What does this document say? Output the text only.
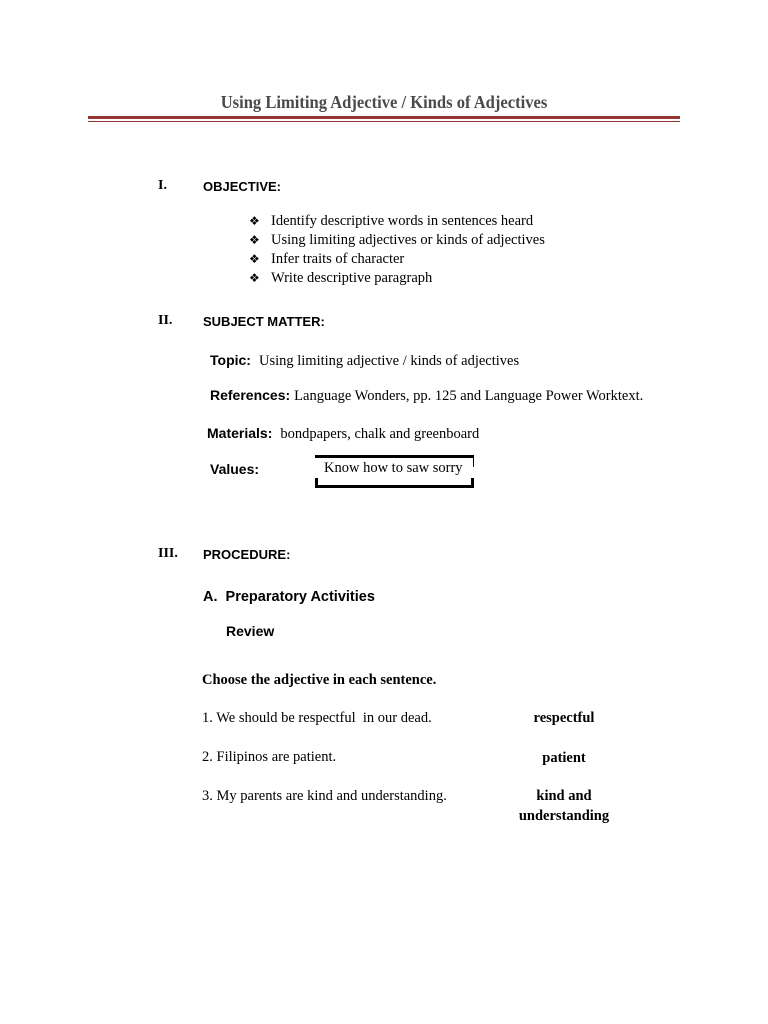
Using Limiting Adjective / Kinds of Adjectives
I.	OBJECTIVE:
❖ Identify descriptive words in sentences heard
❖ Using limiting adjectives or kinds of adjectives
❖ Infer traits of character
❖ Write descriptive paragraph
II. SUBJECT MATTER:
Topic: Using limiting adjective / kinds of adjectives
References: Language Wonders, pp. 125 and Language Power Worktext.
Materials: bondpapers, chalk and greenboard
Values:	Know how to saw sorry
III. PROCEDURE:
A.  Preparatory Activities
Review
Choose the adjective in each sentence.
1. We should be respectful  in our dead.	respectful
2. Filipinos are patient.	patient
3. My parents are kind and understanding.	kind and
understanding
